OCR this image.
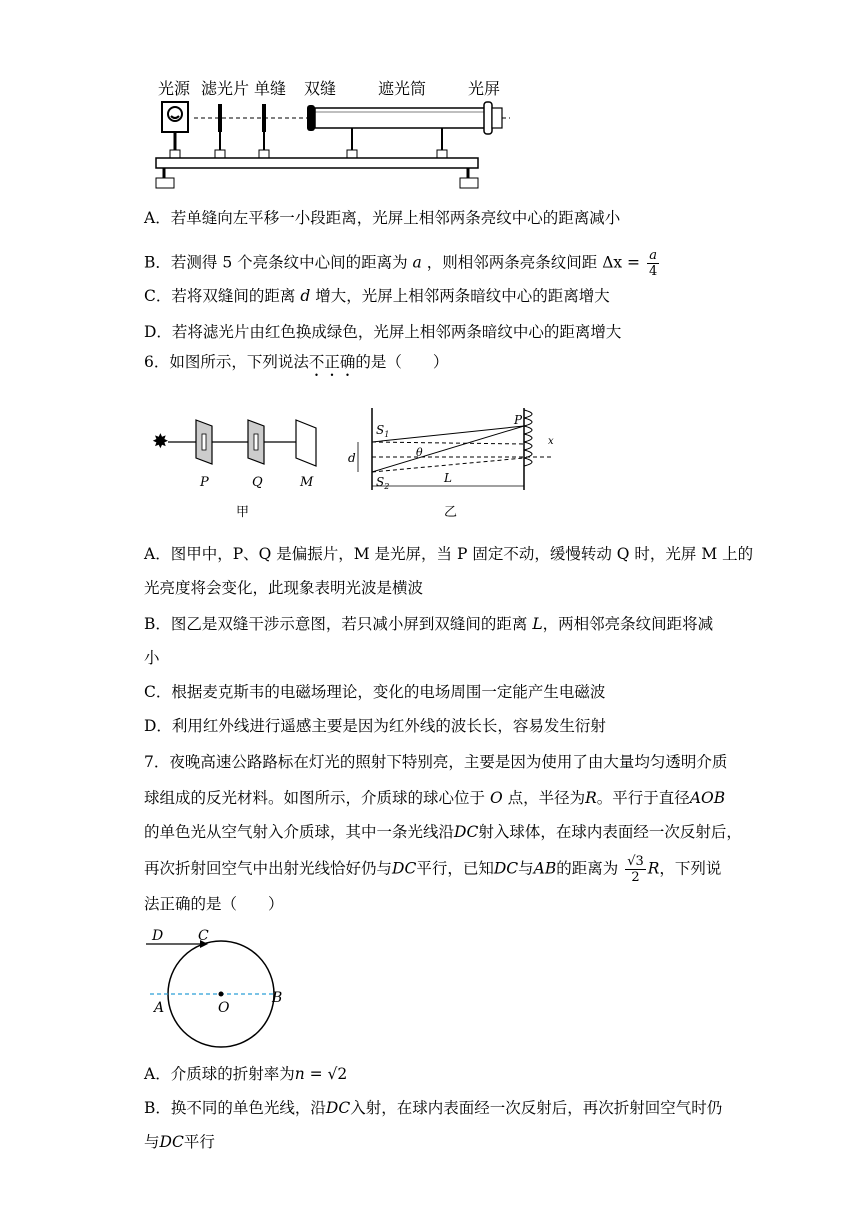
光源 滤光片 单缝 双缝	遮光筒	光屏
A．若单缝向左平移一小段距离，光屏上相邻两条亮纹中心的距离减小
B．若测得 5 个亮条纹中心间的距离为 a ，则相邻两条亮条纹间距 $\Delta x = \frac{a}{4}$
C．若将双缝间的距离 d 增大，光屏上相邻两条暗纹中心的距离增大
D．若将滤光片由红色换成绿色，光屏上相邻两条暗纹中心的距离增大
6．如图所示，下列说法不正确的是（　　）
✸
P	Q	M
甲
d
$S_1$
$S_2$
θ
P
x
L
乙
A．图甲中，P、Q 是偏振片，M 是光屏，当 P 固定不动，缓慢转动 Q 时，光屏 M 上的
光亮度将会变化，此现象表明光波是横波
B．图乙是双缝干涉示意图，若只减小屏到双缝间的距离 L，两相邻亮条纹间距将减
小
C．根据麦克斯韦的电磁场理论，变化的电场周围一定能产生电磁波
D．利用红外线进行遥感主要是因为红外线的波长长，容易发生衍射
7．夜晚高速公路路标在灯光的照射下特别亮，主要是因为使用了由大量均匀透明介质
球组成的反光材料。如图所示，介质球的球心位于 O 点，半径为R。平行于直径AOB
的单色光从空气射入介质球，其中一条光线沿DC射入球体，在球内表面经一次反射后，
再次折射回空气中出射光线恰好仍与DC平行，已知DC与AB的距离为 $\frac{√3}{2}$ R，下列说
法正确的是（　　）
D C
A	O
B
A．介质球的折射率为n = √2
B．换不同的单色光线，沿DC入射，在球内表面经一次反射后，再次折射回空气时仍
与DC平行
